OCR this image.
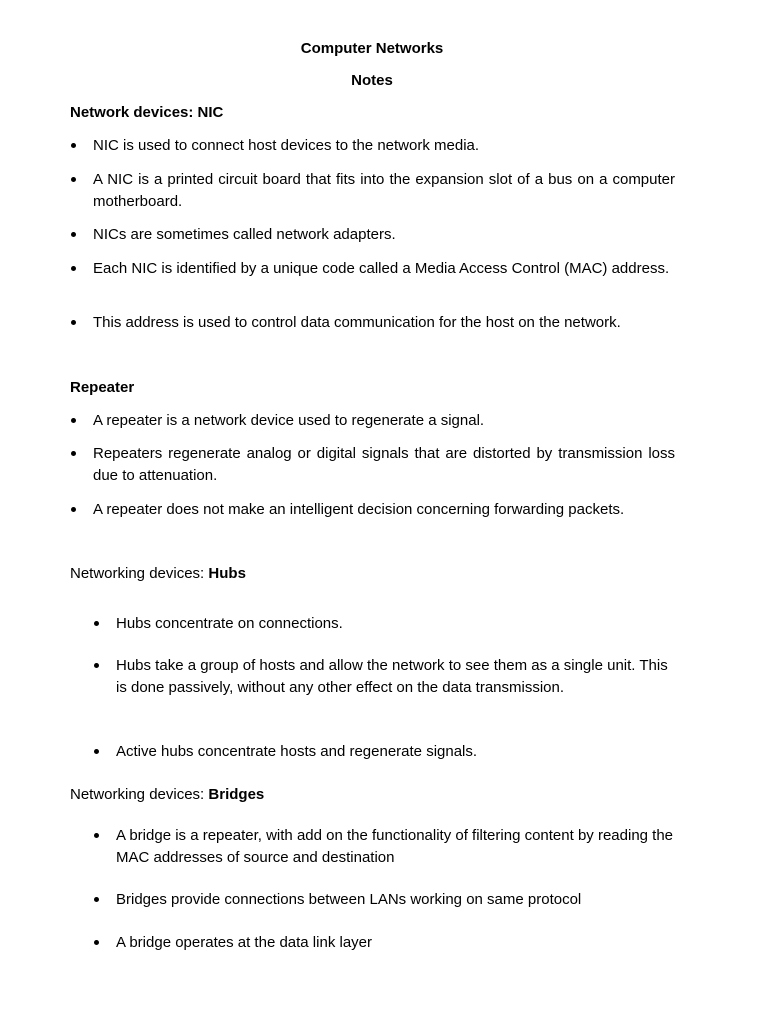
Computer Networks
Notes
Network devices: NIC

NIC is used to connect host devices to the network media.

A NIC is a printed circuit board that fits into the expansion slot of a bus on a computer motherboard.

NICs are sometimes called network adapters.

Each NIC is identified by a unique code called a Media Access Control (MAC) address.

This address is used to control data communication for the host on the network.

Repeater

A repeater is a network device used to regenerate a signal.

Repeaters regenerate analog or digital signals that are distorted by transmission loss due to attenuation.

A repeater does not make an intelligent decision concerning forwarding packets.

Networking devices: Hubs

Hubs concentrate on connections.

Hubs take a group of hosts and allow the network to see them as a single unit. This is done passively, without any other effect on the data transmission.

Active hubs concentrate hosts and regenerate signals.

Networking devices: Bridges

A bridge is a repeater, with add on the functionality of filtering content by reading the MAC addresses of source and destination

Bridges provide connections between LANs working on same protocol

A bridge operates at the data link layer
